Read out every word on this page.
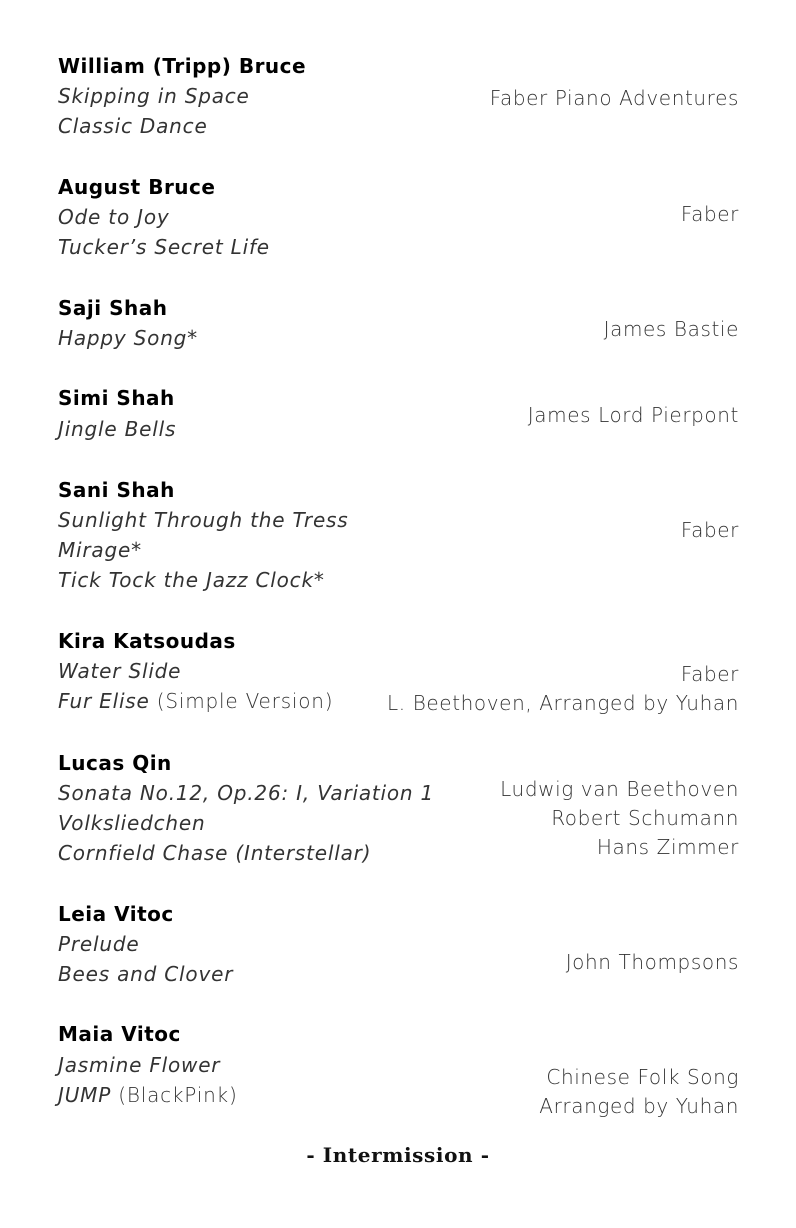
William (Tripp) Bruce
Skipping in Space
Classic Dance
Faber Piano Adventures
August Bruce
Ode to Joy
Tucker’s Secret Life
Faber
Saji Shah
Happy Song*	James Bastie
Simi Shah
Jingle Bells
James Lord Pierpont
Sani Shah
Sunlight Through the Tress
Mirage*
Tick Tock the Jazz Clock*
Faber
Kira Katsoudas
Water Slide
Fur Elise (Simple Version)
Faber
L. Beethoven, Arranged by Yuhan
Lucas Qin
Sonata No.12, Op.26: I, Variation 1
Volksliedchen
Cornfield Chase (Interstellar)
Ludwig van Beethoven
Robert Schumann
Hans Zimmer
Leia Vitoc
Prelude
Bees and Clover	John Thompsons
Maia Vitoc
Jasmine Flower
JUMP (BlackPink)
Chinese Folk Song
Arranged by Yuhan
- Intermission -
